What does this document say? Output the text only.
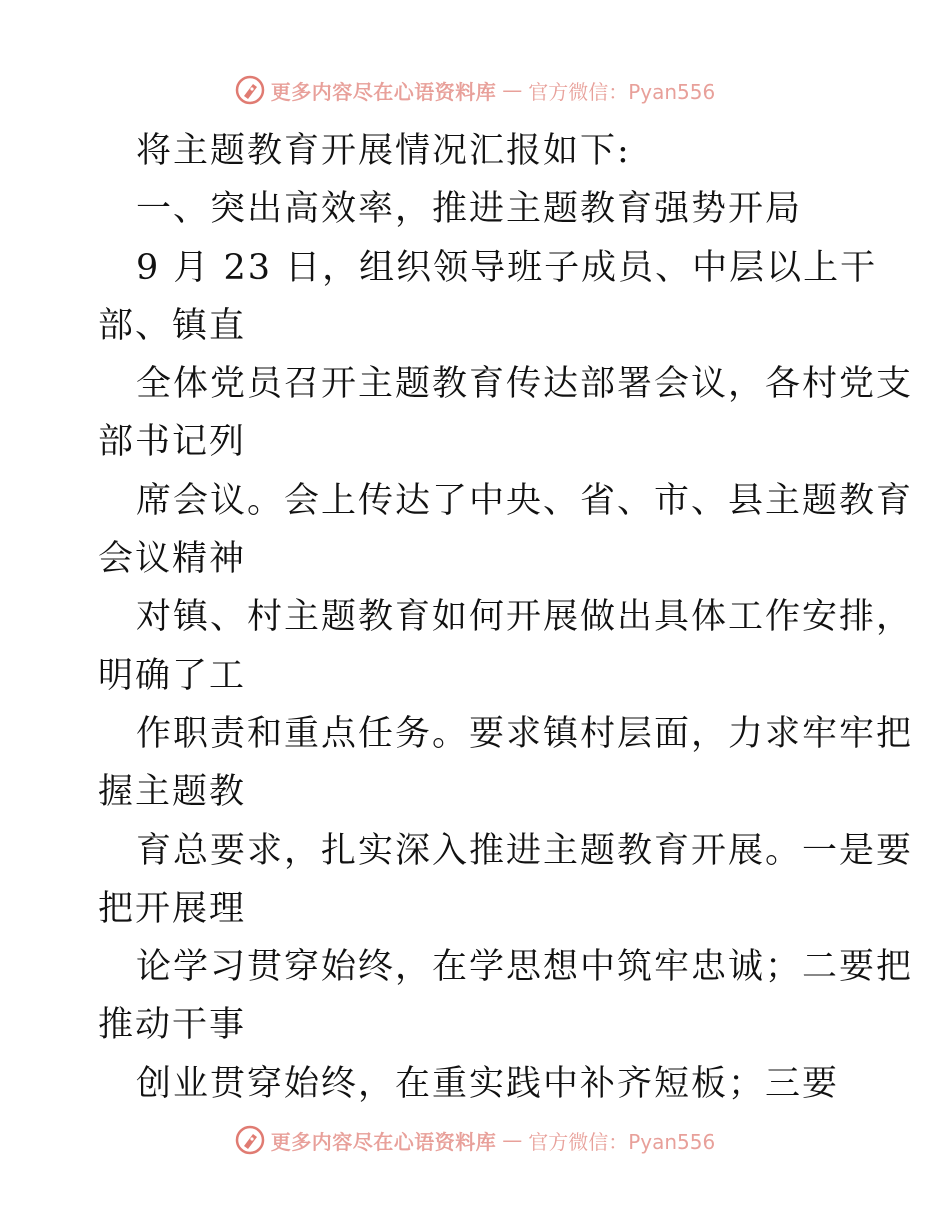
更多内容尽在心语资料库 — 官方微信：Pyan556
将主题教育开展情况汇报如下:
一、突出高效率，推进主题教育强势开局
9 月 23 日，组织领导班子成员、中层以上干
部、镇直
全体党员召开主题教育传达部署会议，各村党支
部书记列
席会议。会上传达了中央、省、市、县主题教育
会议精神
对镇、村主题教育如何开展做出具体工作安排，
明确了工
作职责和重点任务。要求镇村层面，力求牢牢把
握主题教
育总要求，扎实深入推进主题教育开展。一是要
把开展理
论学习贯穿始终，在学思想中筑牢忠诚；二要把
推动干事
创业贯穿始终，在重实践中补齐短板；三要
更多内容尽在心语资料库 — 官方微信：Pyan556
